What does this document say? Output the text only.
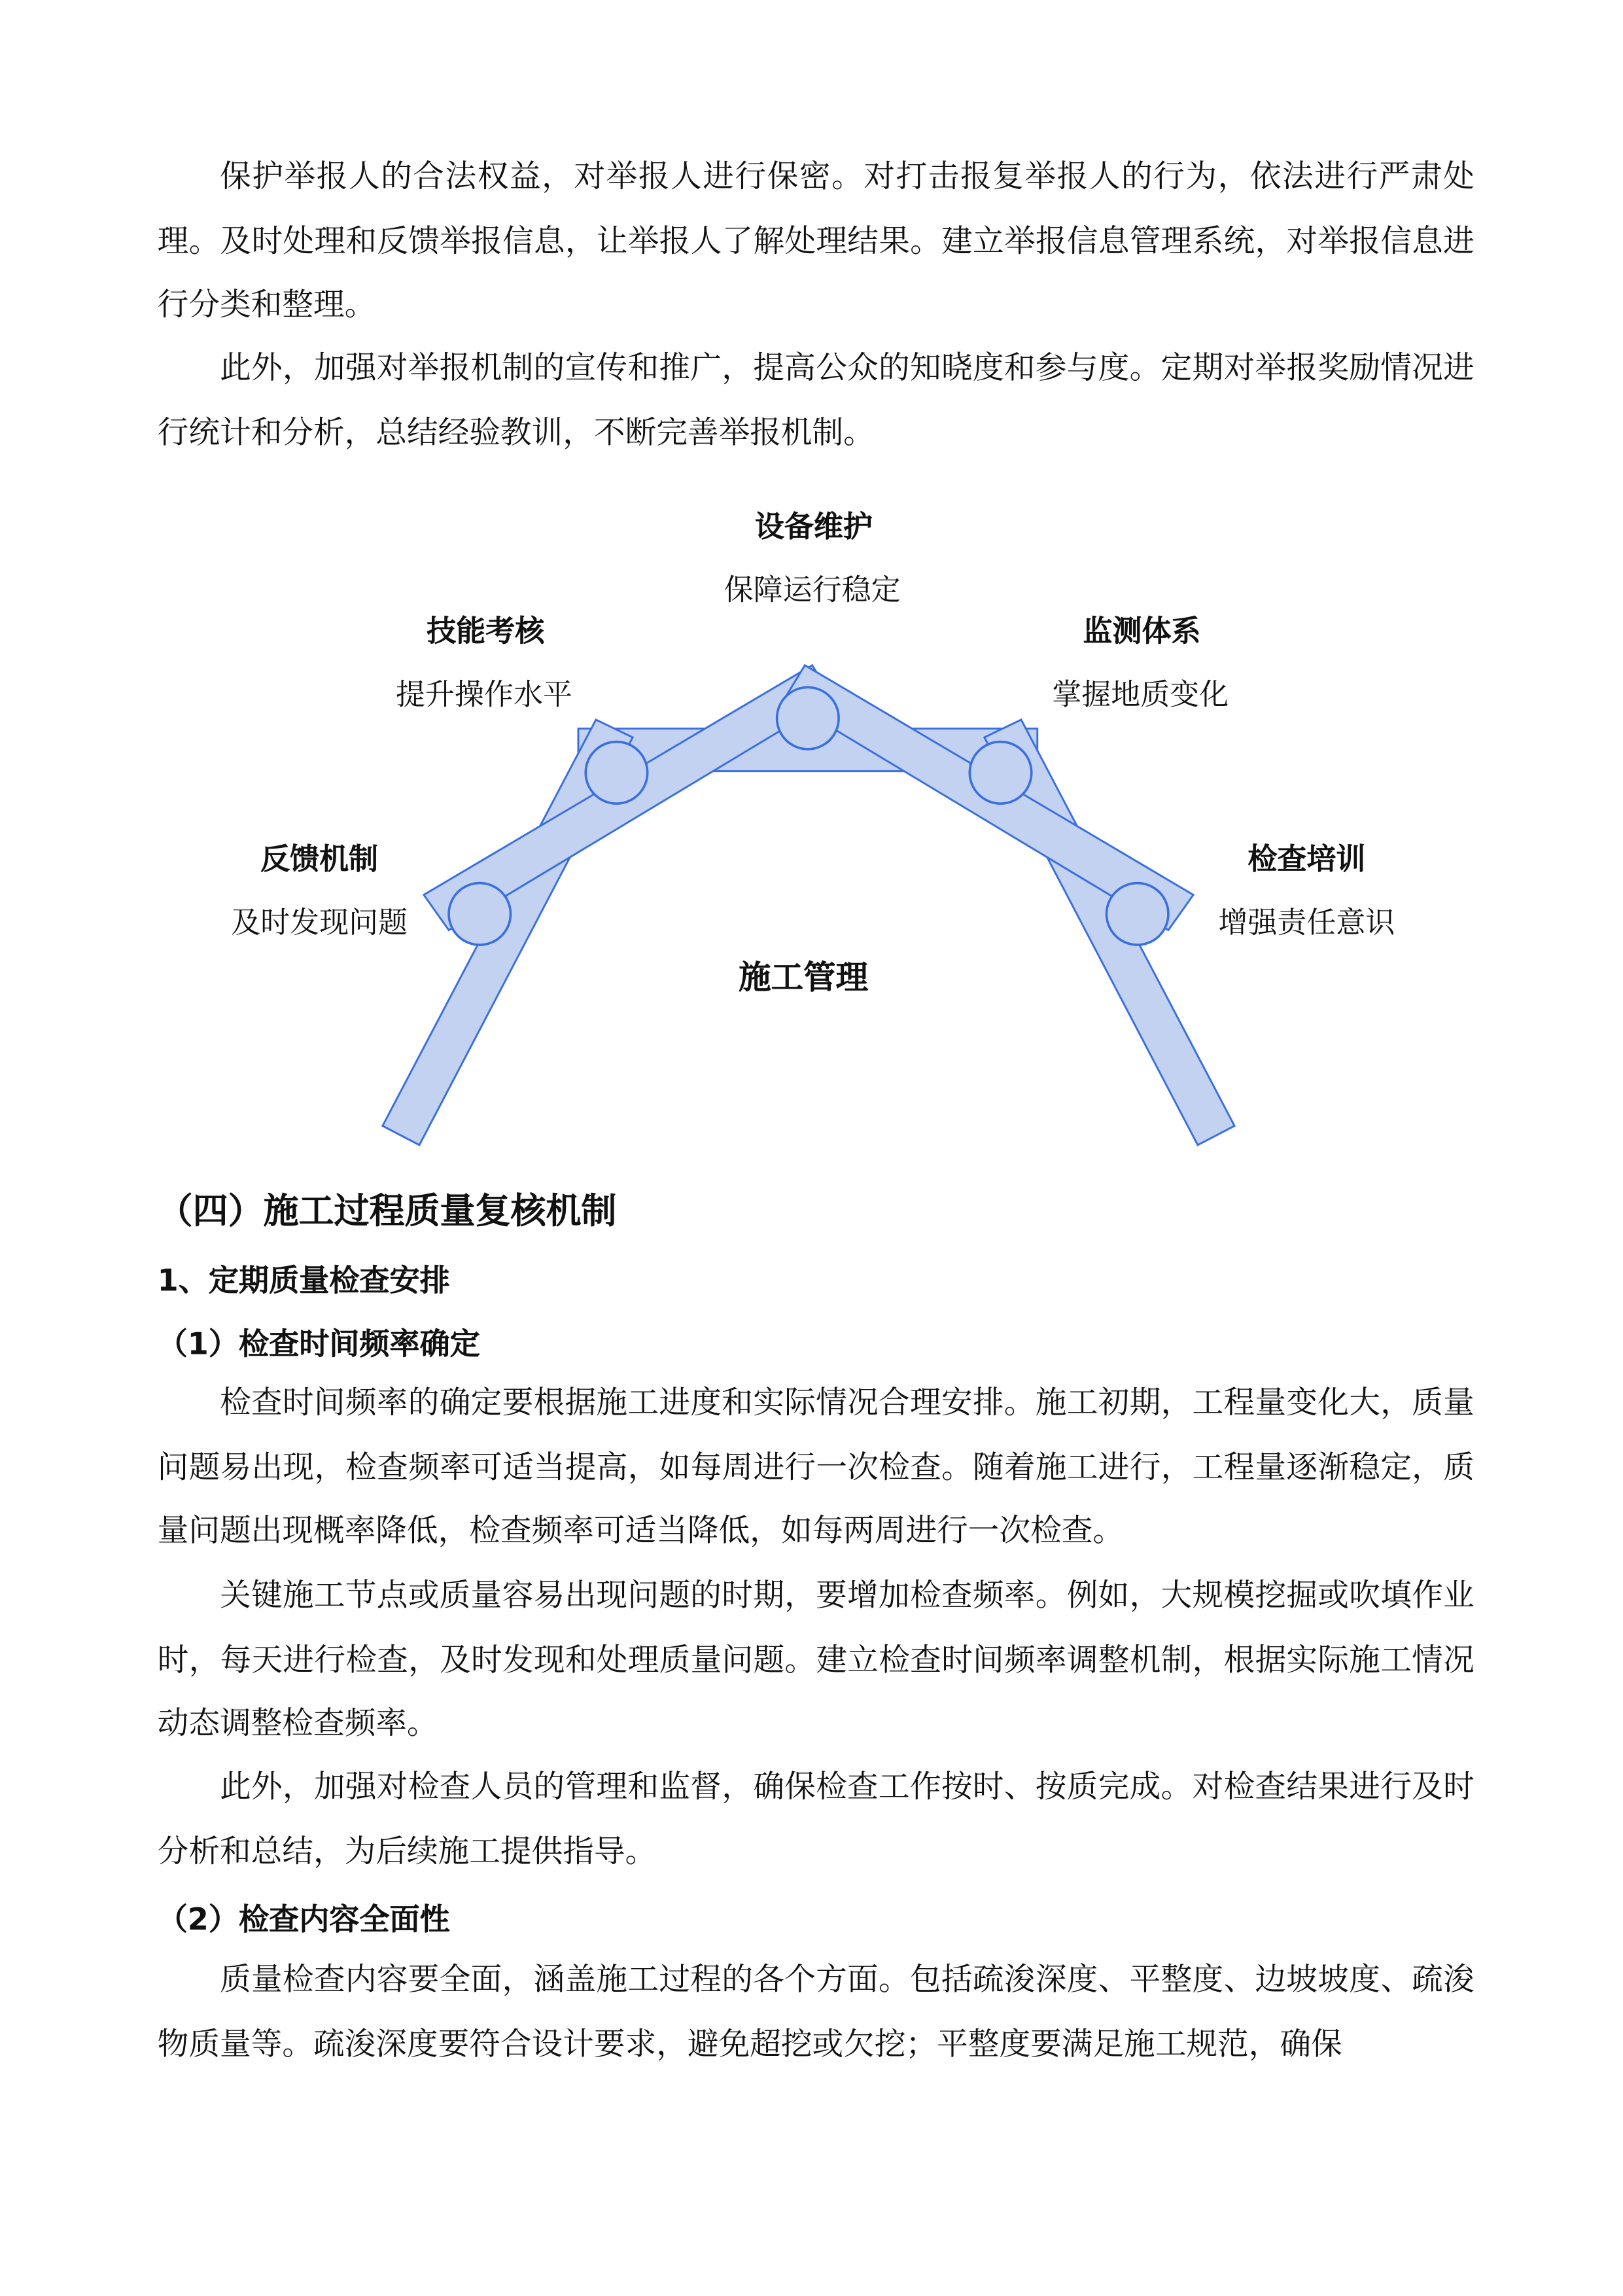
保护举报人的合法权益，对举报人进行保密。对打击报复举报人的行为，依法进行严肃处理。及时处理和反馈举报信息，让举报人了解处理结果。建立举报信息管理系统，对举报信息进行分类和整理。

此外，加强对举报机制的宣传和推广，提高公众的知晓度和参与度。定期对举报奖励情况进行统计和分析，总结经验教训，不断完善举报机制。

设备维护
保障运行稳定
技能考核
提升操作水平
监测体系
掌握地质变化
反馈机制
及时发现问题
检查培训
增强责任意识
施工管理
（四）施工过程质量复核机制
1、定期质量检查安排
（1）检查时间频率确定

检查时间频率的确定要根据施工进度和实际情况合理安排。施工初期，工程量变化大，质量问题易出现，检查频率可适当提高，如每周进行一次检查。随着施工进行，工程量逐渐稳定，质量问题出现概率降低，检查频率可适当降低，如每两周进行一次检查。

关键施工节点或质量容易出现问题的时期，要增加检查频率。例如，大规模挖掘或吹填作业时，每天进行检查，及时发现和处理质量问题。建立检查时间频率调整机制，根据实际施工情况动态调整检查频率。

此外，加强对检查人员的管理和监督，确保检查工作按时、按质完成。对检查结果进行及时分析和总结，为后续施工提供指导。

（2）检查内容全面性

质量检查内容要全面，涵盖施工过程的各个方面。包括疏浚深度、平整度、边坡坡度、疏浚物质量等。疏浚深度要符合设计要求，避免超挖或欠挖；平整度要满足施工规范，确保
